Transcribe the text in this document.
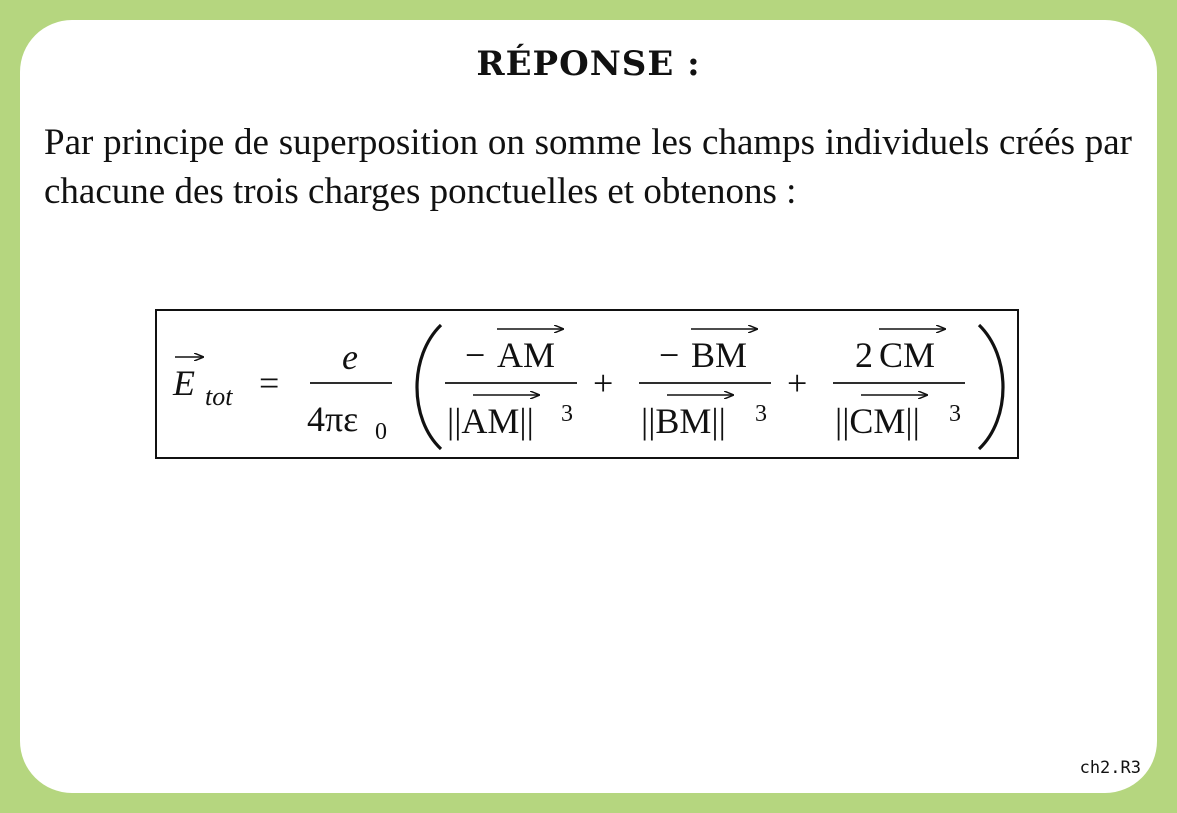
RÉPONSE :
Par principe de superposition on somme les champs individuels créés par chacune des trois charges ponctuelles et obtenons :
E tot =
e
4πε 0
− AM
||AM|| 3
+
− BM
||BM|| 3
+
2 CM
||CM|| 3
ch2.R3
